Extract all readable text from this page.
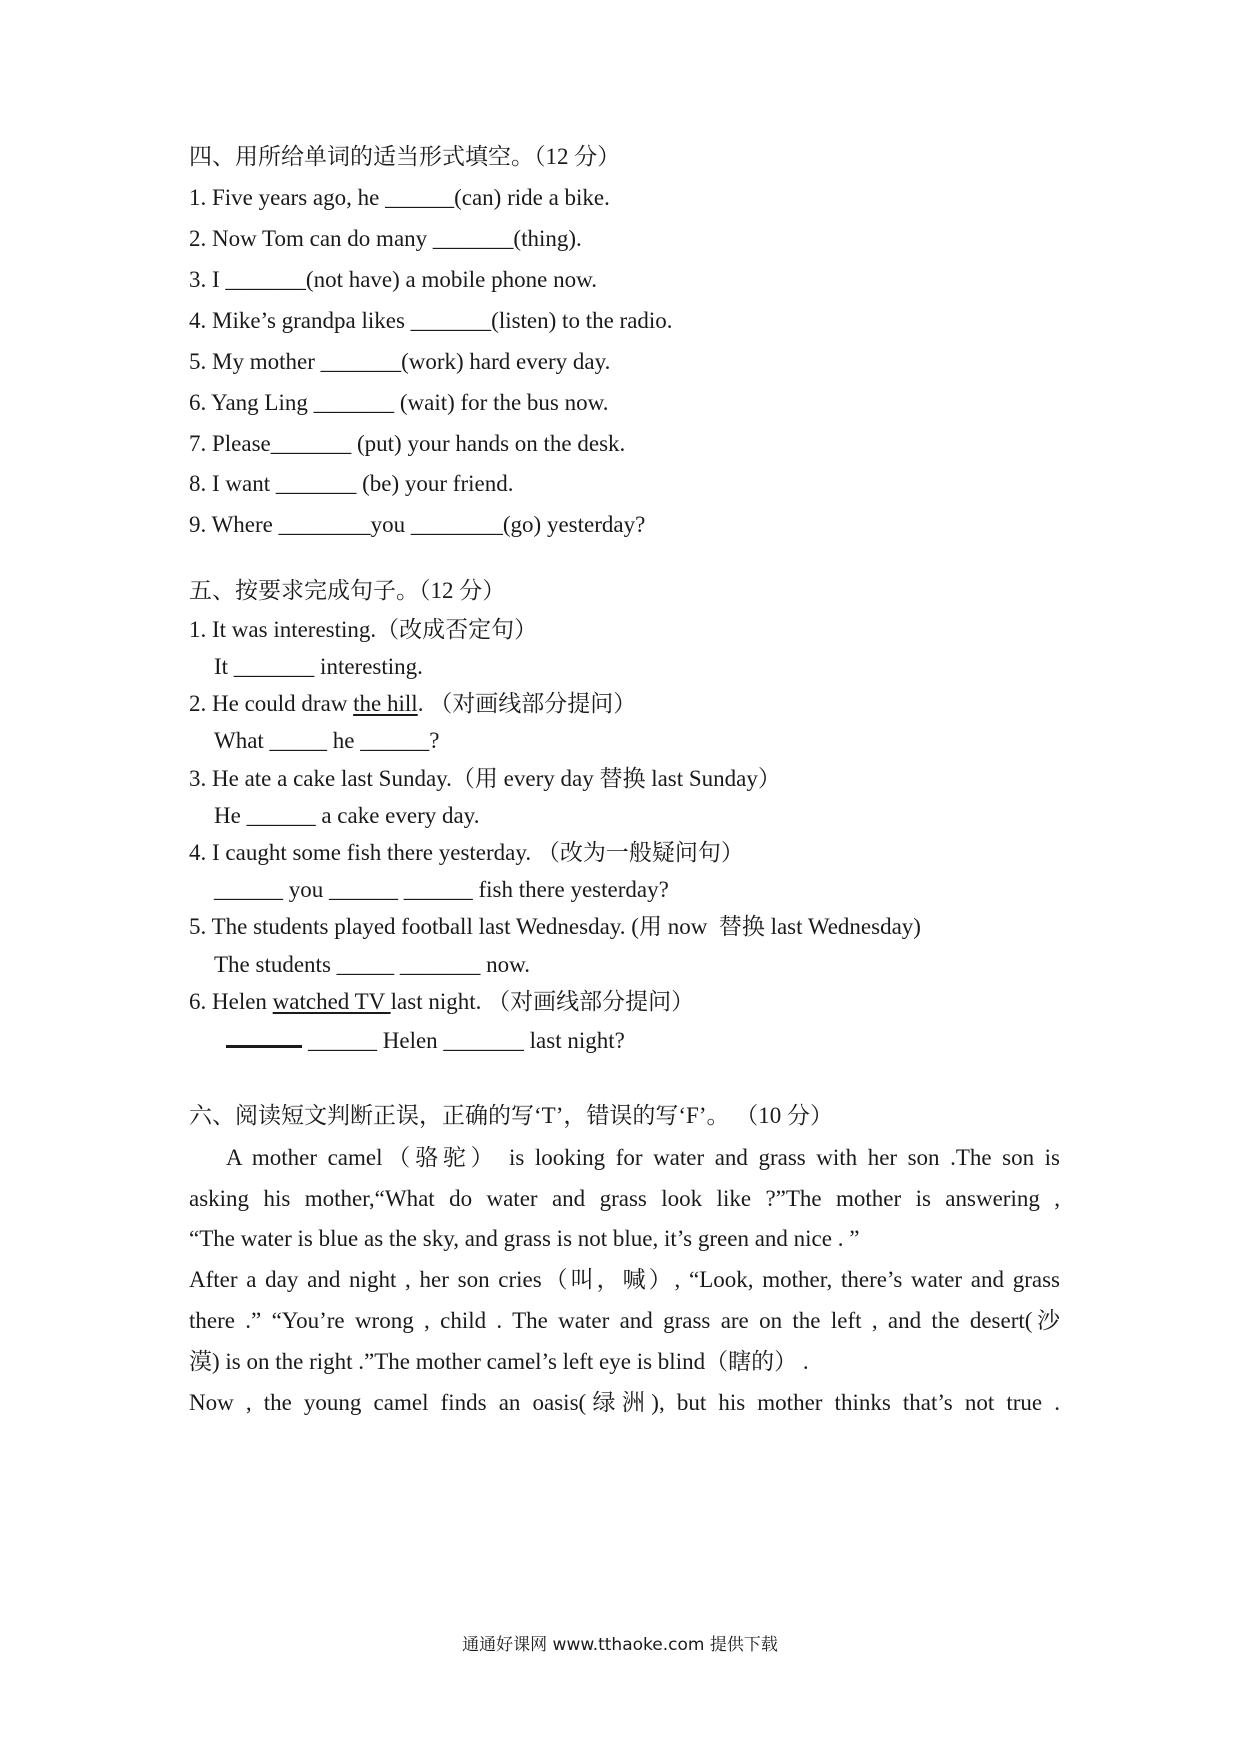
四、用所给单词的适当形式填空。（12 分）
1. Five years ago, he ______(can) ride a bike.
2. Now Tom can do many _______(thing).
3. I _______(not have) a mobile phone now.
4. Mike’s grandpa likes _______(listen) to the radio.
5. My mother _______(work) hard every day.
6. Yang Ling _______ (wait) for the bus now.
7. Please_______ (put) your hands on the desk.
8. I want _______ (be) your friend.
9. Where ________you ________(go) yesterday?
五、按要求完成句子。（12 分）
1. It was interesting.（改成否定句）
It _______ interesting.
2. He could draw the hill. （对画线部分提问）
What _____ he ______?
3. He ate a cake last Sunday.（用 every day 替换 last Sunday）
He ______ a cake every day.
4. I caught some fish there yesterday. （改为一般疑问句）
______ you ______ ______ fish there yesterday?
5. The students played football last Wednesday. (用 now  替换 last Wednesday)
The students _____ _______ now.
6. Helen watched TV last night. （对画线部分提问）
______ Helen _______ last night?
六、阅读短文判断正误，正确的写‘T’，错误的写‘F’。 （10 分）
A mother camel（骆驼） is looking for water and grass with her son .The son is
asking his mother,“What do water and grass look like ?”The mother is answering ,
“The water is blue as the sky, and grass is not blue, it’s green and nice . ”
After a day and night , her son cries（叫，喊）, “Look, mother, there’s water and grass
there .” “You’re wrong , child . The water and grass are on the left , and the desert(沙
漠) is on the right .”The mother camel’s left eye is blind（瞎的） .
Now , the young camel finds an oasis(绿洲), but his mother thinks that’s not true .
通通好课网 www.tthaoke.com 提供下载
